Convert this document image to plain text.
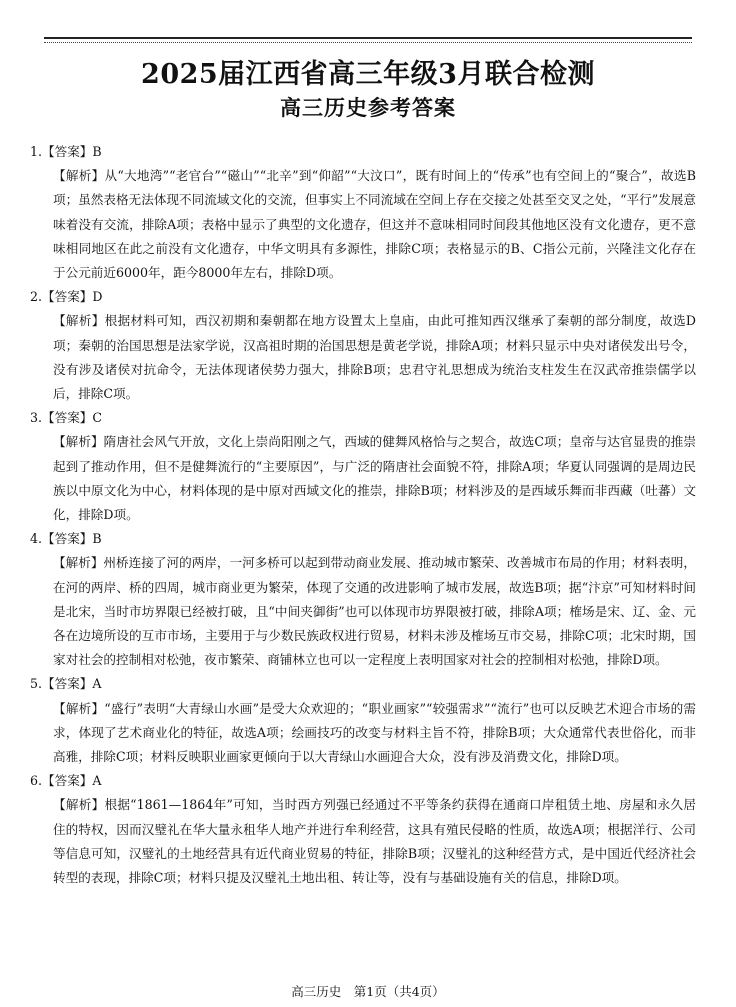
2025届江西省高三年级3月联合检测
高三历史参考答案

1.【答案】B

【解析】从“大地湾”“老官台”“磁山”“北辛”到“仰韶”“大汶口”，既有时间上的“传承”也有空间上的“聚合”，故选B项；虽然表格无法体现不同流域文化的交流，但事实上不同流域在空间上存在交接之处甚至交叉之处，“平行”发展意味着没有交流，排除A项；表格中显示了典型的文化遗存，但这并不意味相同时间段其他地区没有文化遗存，更不意味相同地区在此之前没有文化遗存，中华文明具有多源性，排除C项；表格显示的B、C指公元前，兴隆洼文化存在于公元前近6000年，距今8000年左右，排除D项。

2.【答案】D

【解析】根据材料可知，西汉初期和秦朝都在地方设置太上皇庙，由此可推知西汉继承了秦朝的部分制度，故选D项；秦朝的治国思想是法家学说，汉高祖时期的治国思想是黄老学说，排除A项；材料只显示中央对诸侯发出号令，没有涉及诸侯对抗命令，无法体现诸侯势力强大，排除B项；忠君守礼思想成为统治支柱发生在汉武帝推崇儒学以后，排除C项。

3.【答案】C

【解析】隋唐社会风气开放，文化上崇尚阳刚之气，西域的健舞风格恰与之契合，故选C项；皇帝与达官显贵的推崇起到了推动作用，但不是健舞流行的“主要原因”，与广泛的隋唐社会面貌不符，排除A项；华夏认同强调的是周边民族以中原文化为中心，材料体现的是中原对西域文化的推崇，排除B项；材料涉及的是西域乐舞而非西藏（吐蕃）文化，排除D项。

4.【答案】B

【解析】州桥连接了河的两岸，一河多桥可以起到带动商业发展、推动城市繁荣、改善城市布局的作用；材料表明，在河的两岸、桥的四周，城市商业更为繁荣，体现了交通的改进影响了城市发展，故选B项；据“汴京”可知材料时间是北宋，当时市坊界限已经被打破，且“中间夹御街”也可以体现市坊界限被打破，排除A项；榷场是宋、辽、金、元各在边境所设的互市市场，主要用于与少数民族政权进行贸易，材料未涉及榷场互市交易，排除C项；北宋时期，国家对社会的控制相对松弛，夜市繁荣、商铺林立也可以一定程度上表明国家对社会的控制相对松弛，排除D项。

5.【答案】A

【解析】“盛行”表明“大青绿山水画”是受大众欢迎的；“职业画家”“较强需求”“流行”也可以反映艺术迎合市场的需求，体现了艺术商业化的特征，故选A项；绘画技巧的改变与材料主旨不符，排除B项；大众通常代表世俗化，而非高雅，排除C项；材料反映职业画家更倾向于以大青绿山水画迎合大众，没有涉及消费文化，排除D项。

6.【答案】A

【解析】根据“1861—1864年”可知，当时西方列强已经通过不平等条约获得在通商口岸租赁土地、房屋和永久居住的特权，因而汉璧礼在华大量永租华人地产并进行牟利经营，这具有殖民侵略的性质，故选A项；根据洋行、公司等信息可知，汉璧礼的土地经营具有近代商业贸易的特征，排除B项；汉璧礼的这种经营方式，是中国近代经济社会转型的表现，排除C项；材料只提及汉璧礼土地出租、转让等，没有与基础设施有关的信息，排除D项。

高三历史　第1页（共4页）
